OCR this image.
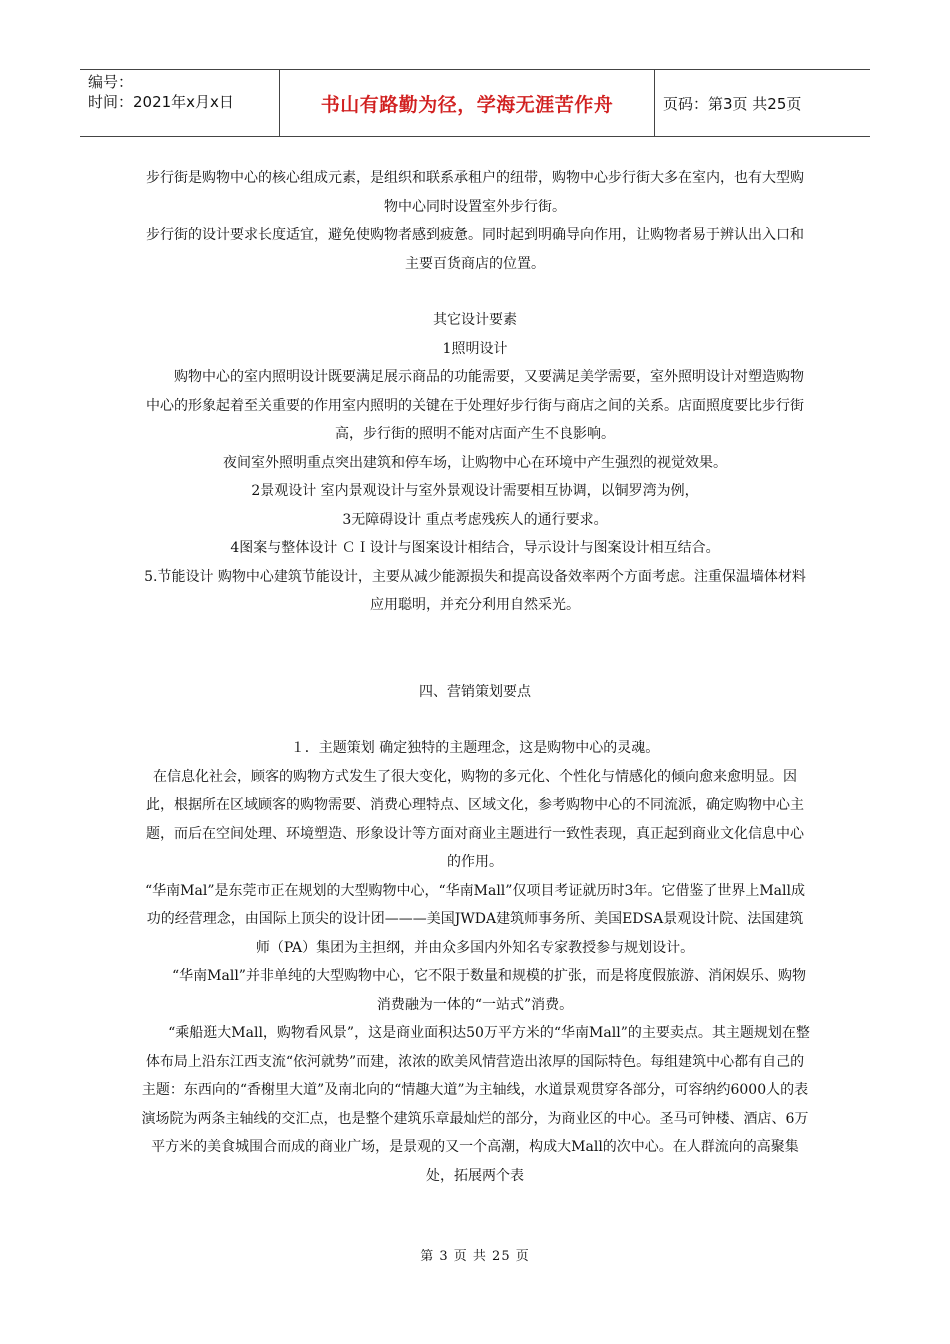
编号：
时间：2021年x月x日	书山有路勤为径，学海无涯苦作舟	页码：第3页 共25页

步行街是购物中心的核心组成元素，是组织和联系承租户的纽带，购物中心步行街大多在室内，也有大型购物中心同时设置室外步行街。

步行街的设计要求长度适宜，避免使购物者感到疲惫。同时起到明确导向作用，让购物者易于辨认出入口和主要百货商店的位置。

其它设计要素

1照明设计

购物中心的室内照明设计既要满足展示商品的功能需要，又要满足美学需要，室外照明设计对塑造购物中心的形象起着至关重要的作用室内照明的关键在于处理好步行街与商店之间的关系。店面照度要比步行街高，步行街的照明不能对店面产生不良影响。

夜间室外照明重点突出建筑和停车场，让购物中心在环境中产生强烈的视觉效果。

2景观设计 室内景观设计与室外景观设计需要相互协调，以铜罗湾为例，

3无障碍设计 重点考虑残疾人的通行要求。

4图案与整体设计 ＣＩ设计与图案设计相结合，导示设计与图案设计相互结合。

5.节能设计 购物中心建筑节能设计，主要从减少能源损失和提高设备效率两个方面考虑。注重保温墙体材料应用聪明，并充分利用自然采光。

四、营销策划要点

１．主题策划 确定独特的主题理念，这是购物中心的灵魂。

在信息化社会，顾客的购物方式发生了很大变化，购物的多元化、个性化与情感化的倾向愈来愈明显。因此，根据所在区域顾客的购物需要、消费心理特点、区域文化，参考购物中心的不同流派，确定购物中心主题，而后在空间处理、环境塑造、形象设计等方面对商业主题进行一致性表现，真正起到商业文化信息中心的作用。

“华南Mal”是东莞市正在规划的大型购物中心，“华南Mall”仅项目考证就历时3年。它借鉴了世界上Mall成功的经营理念，由国际上顶尖的设计团———美国JWDA建筑师事务所、美国EDSA景观设计院、法国建筑师（PA）集团为主担纲，并由众多国内外知名专家教授参与规划设计。

“华南Mall”并非单纯的大型购物中心，它不限于数量和规模的扩张，而是将度假旅游、消闲娱乐、购物消费融为一体的“一站式”消费。

“乘船逛大Mall，购物看风景”，这是商业面积达50万平方米的“华南Mall”的主要卖点。其主题规划在整体布局上沿东江西支流“依河就势”而建，浓浓的欧美风情营造出浓厚的国际特色。每组建筑中心都有自己的主题：东西向的“香榭里大道”及南北向的“情趣大道”为主轴线，水道景观贯穿各部分，可容纳约6000人的表演场院为两条主轴线的交汇点，也是整个建筑乐章最灿烂的部分，为商业区的中心。圣马可钟楼、酒店、6万平方米的美食城围合而成的商业广场，是景观的又一个高潮，构成大Mall的次中心。在人群流向的高聚集处，拓展两个表

第 3 页 共 25 页
